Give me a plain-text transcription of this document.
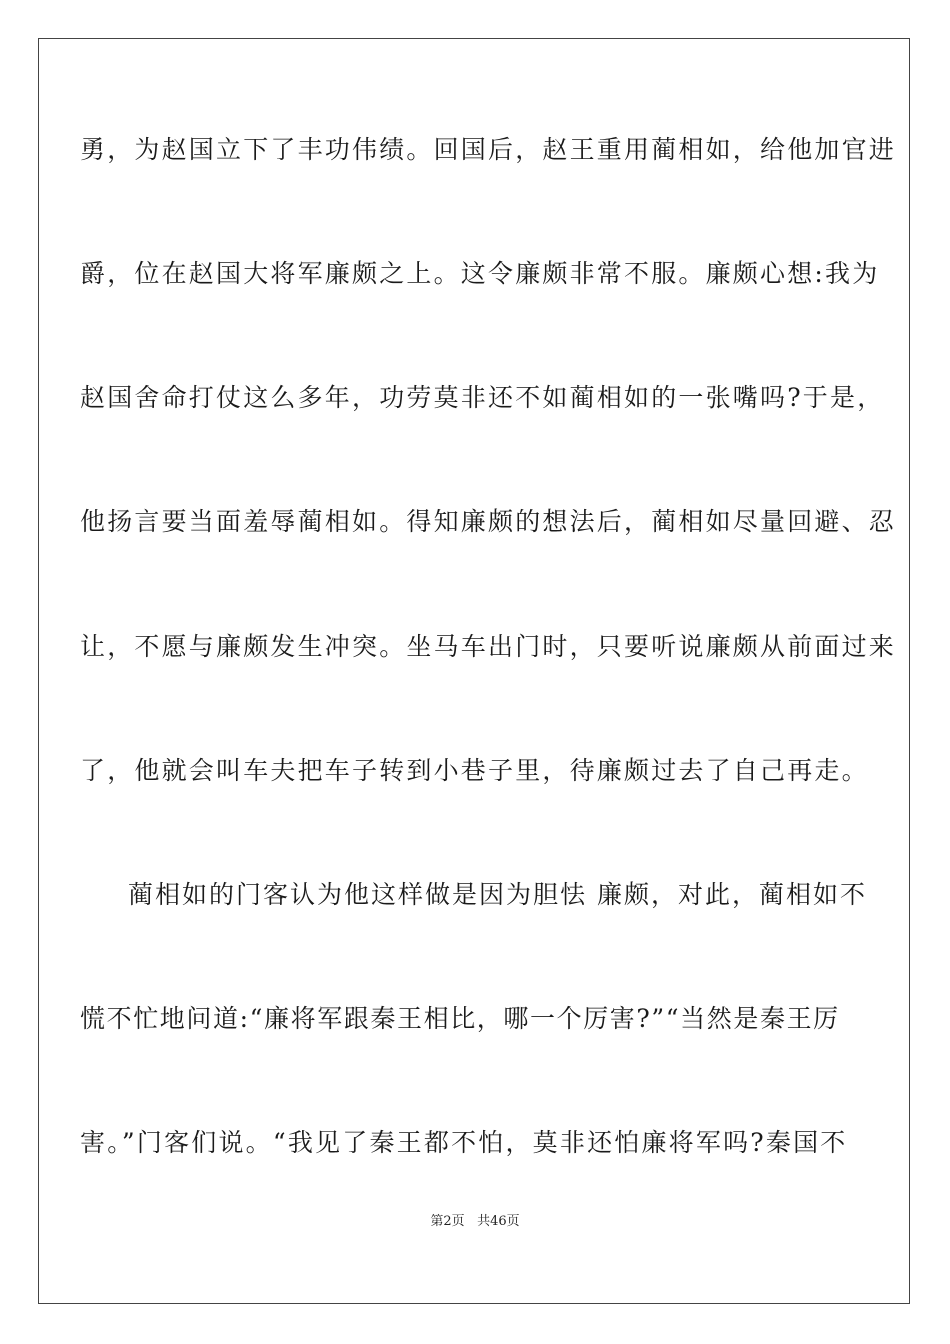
勇，为赵国立下了丰功伟绩。回国后，赵王重用蔺相如，给他加官进
爵，位在赵国大将军廉颇之上。这令廉颇非常不服。廉颇心想:我为
赵国舍命打仗这么多年，功劳莫非还不如蔺相如的一张嘴吗?于是，
他扬言要当面羞辱蔺相如。得知廉颇的想法后，蔺相如尽量回避、忍
让，不愿与廉颇发生冲突。坐马车出门时，只要听说廉颇从前面过来
了，他就会叫车夫把车子转到小巷子里，待廉颇过去了自己再走。
蔺相如的门客认为他这样做是因为胆怯 廉颇，对此，蔺相如不
慌不忙地问道:“廉将军跟秦王相比，哪一个厉害?”“当然是秦王厉
害。”门客们说。“我见了秦王都不怕，莫非还怕廉将军吗?秦国不
第2页 共46页
